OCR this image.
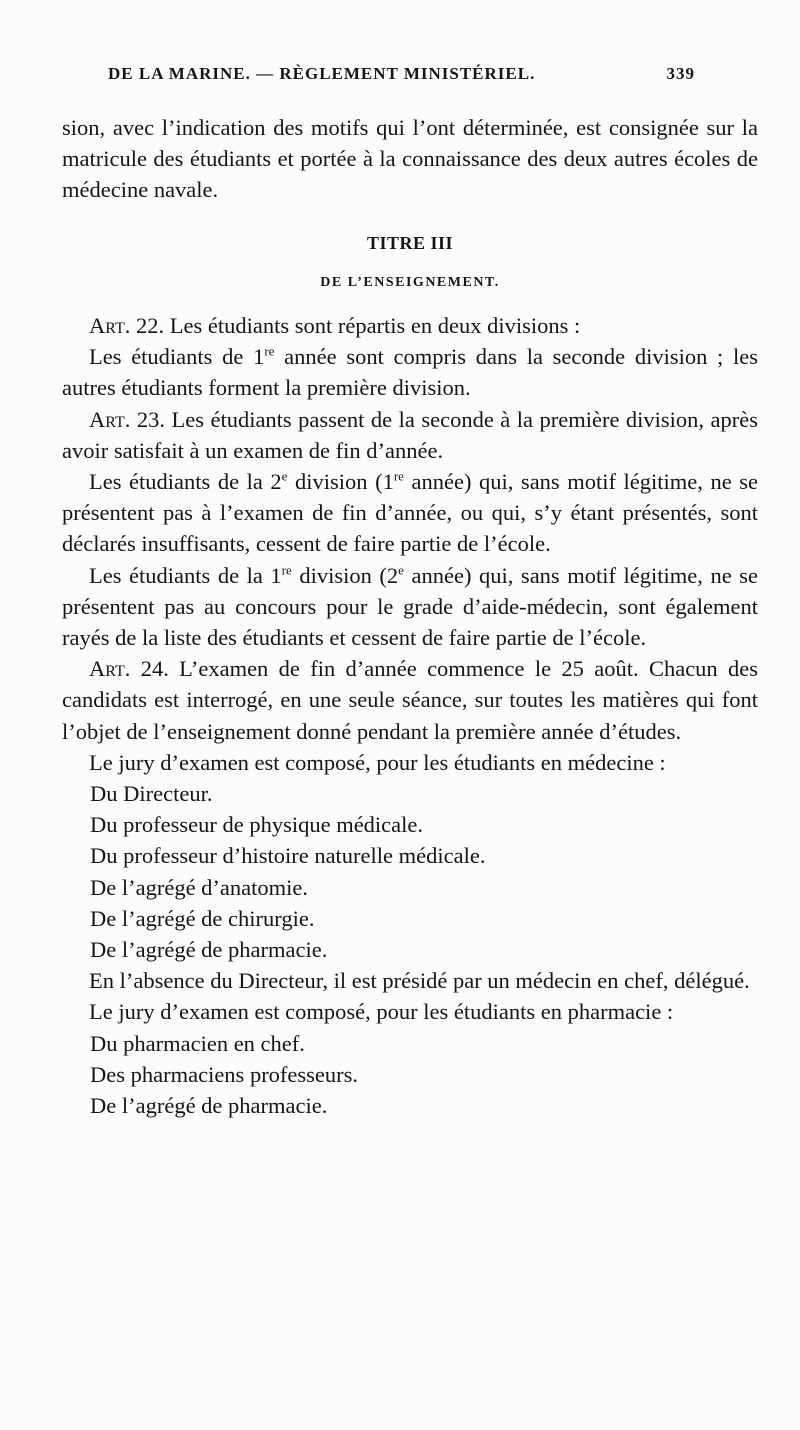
DE LA MARINE. — RÈGLEMENT MINISTÉRIEL.	339

sion, avec l’indication des motifs qui l’ont déterminée, est consignée sur la matricule des étudiants et portée à la connaissance des deux autres écoles de médecine navale.

TITRE III

DE L’ENSEIGNEMENT.

Art. 22. Les étudiants sont répartis en deux divisions :

Les étudiants de 1re année sont compris dans la seconde division ; les autres étudiants forment la première division.

Art. 23. Les étudiants passent de la seconde à la première division, après avoir satisfait à un examen de fin d’année.

Les étudiants de la 2e division (1re année) qui, sans motif légitime, ne se présentent pas à l’examen de fin d’année, ou qui, s’y étant présentés, sont déclarés insuffisants, cessent de faire partie de l’école.

Les étudiants de la 1re division (2e année) qui, sans motif légitime, ne se présentent pas au concours pour le grade d’aide-médecin, sont également rayés de la liste des étudiants et cessent de faire partie de l’école.

Art. 24. L’examen de fin d’année commence le 25 août. Chacun des candidats est interrogé, en une seule séance, sur toutes les matières qui font l’objet de l’enseignement donné pendant la première année d’études.

Le jury d’examen est composé, pour les étudiants en médecine :

Du Directeur.

Du professeur de physique médicale.

Du professeur d’histoire naturelle médicale.

De l’agrégé d’anatomie.

De l’agrégé de chirurgie.

De l’agrégé de pharmacie.

En l’absence du Directeur, il est présidé par un médecin en chef, délégué.

Le jury d’examen est composé, pour les étudiants en pharmacie :

Du pharmacien en chef.

Des pharmaciens professeurs.

De l’agrégé de pharmacie.
